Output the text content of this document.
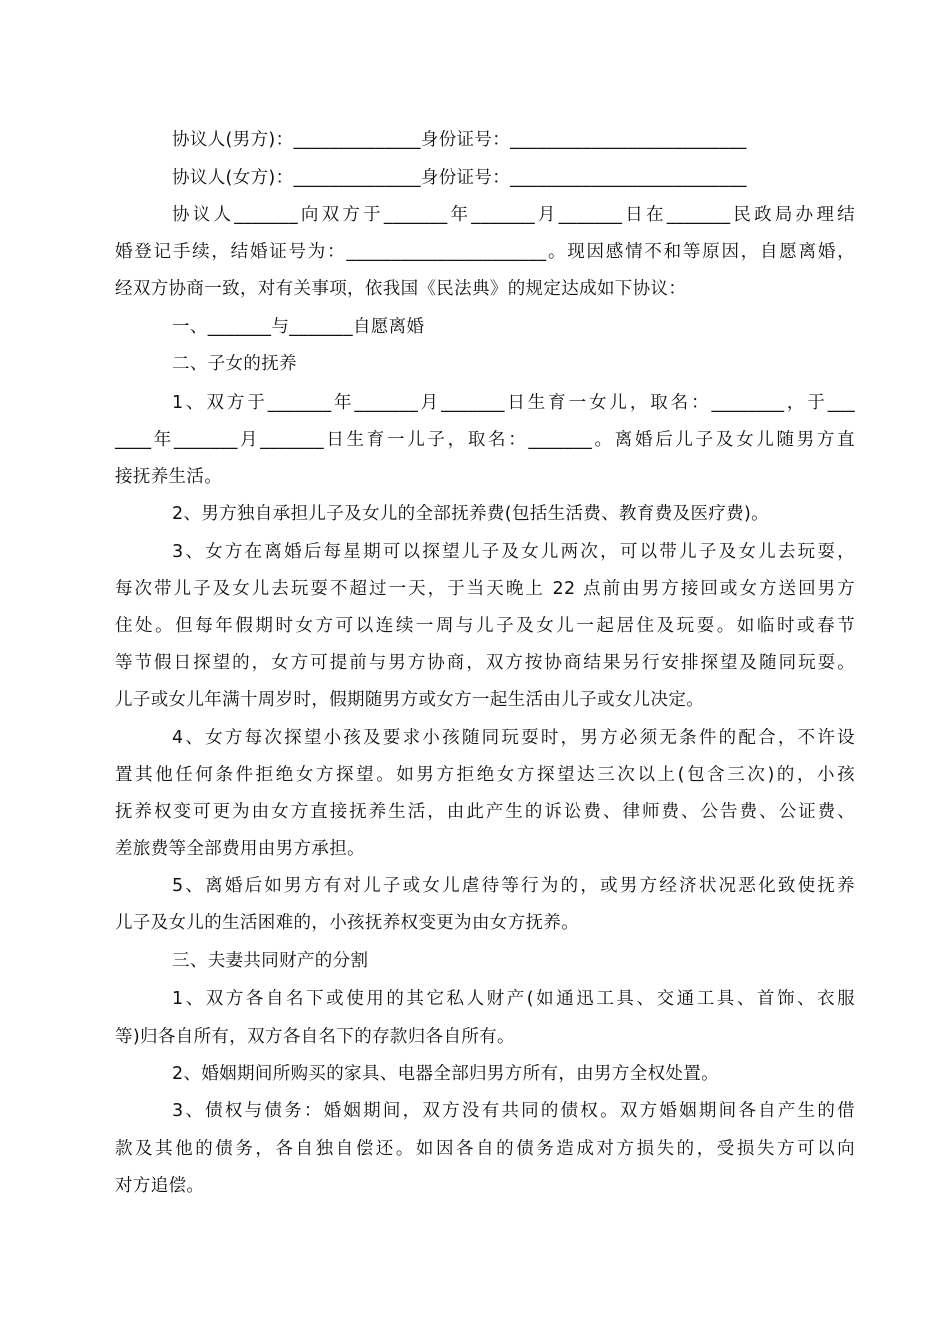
协议人(男方)：______________身份证号：__________________________
协议人(女方)：______________身份证号：__________________________
协议人_______向双方于_______年_______月_______日在_______民政局办理结
婚登记手续，结婚证号为：______________________。现因感情不和等原因，自愿离婚，
经双方协商一致，对有关事项，依我国《民法典》的规定达成如下协议：
一、_______与_______自愿离婚
二、子女的抚养
1、双方于_______年_______月_______日生育一女儿，取名：________，于___
____年_______月_______日生育一儿子，取名：_______。离婚后儿子及女儿随男方直
接抚养生活。
2、男方独自承担儿子及女儿的全部抚养费(包括生活费、教育费及医疗费)。
3、女方在离婚后每星期可以探望儿子及女儿两次，可以带儿子及女儿去玩耍，
每次带儿子及女儿去玩耍不超过一天，于当天晚上 22 点前由男方接回或女方送回男方
住处。但每年假期时女方可以连续一周与儿子及女儿一起居住及玩耍。如临时或春节
等节假日探望的，女方可提前与男方协商，双方按协商结果另行安排探望及随同玩耍。
儿子或女儿年满十周岁时，假期随男方或女方一起生活由儿子或女儿决定。
4、女方每次探望小孩及要求小孩随同玩耍时，男方必须无条件的配合，不许设
置其他任何条件拒绝女方探望。如男方拒绝女方探望达三次以上(包含三次)的，小孩
抚养权变可更为由女方直接抚养生活，由此产生的诉讼费、律师费、公告费、公证费、
差旅费等全部费用由男方承担。
5、离婚后如男方有对儿子或女儿虐待等行为的，或男方经济状况恶化致使抚养
儿子及女儿的生活困难的，小孩抚养权变更为由女方抚养。
三、夫妻共同财产的分割
1、双方各自名下或使用的其它私人财产(如通迅工具、交通工具、首饰、衣服
等)归各自所有，双方各自名下的存款归各自所有。
2、婚姻期间所购买的家具、电器全部归男方所有，由男方全权处置。
3、债权与债务：婚姻期间，双方没有共同的债权。双方婚姻期间各自产生的借
款及其他的债务，各自独自偿还。如因各自的债务造成对方损失的，受损失方可以向
对方追偿。
